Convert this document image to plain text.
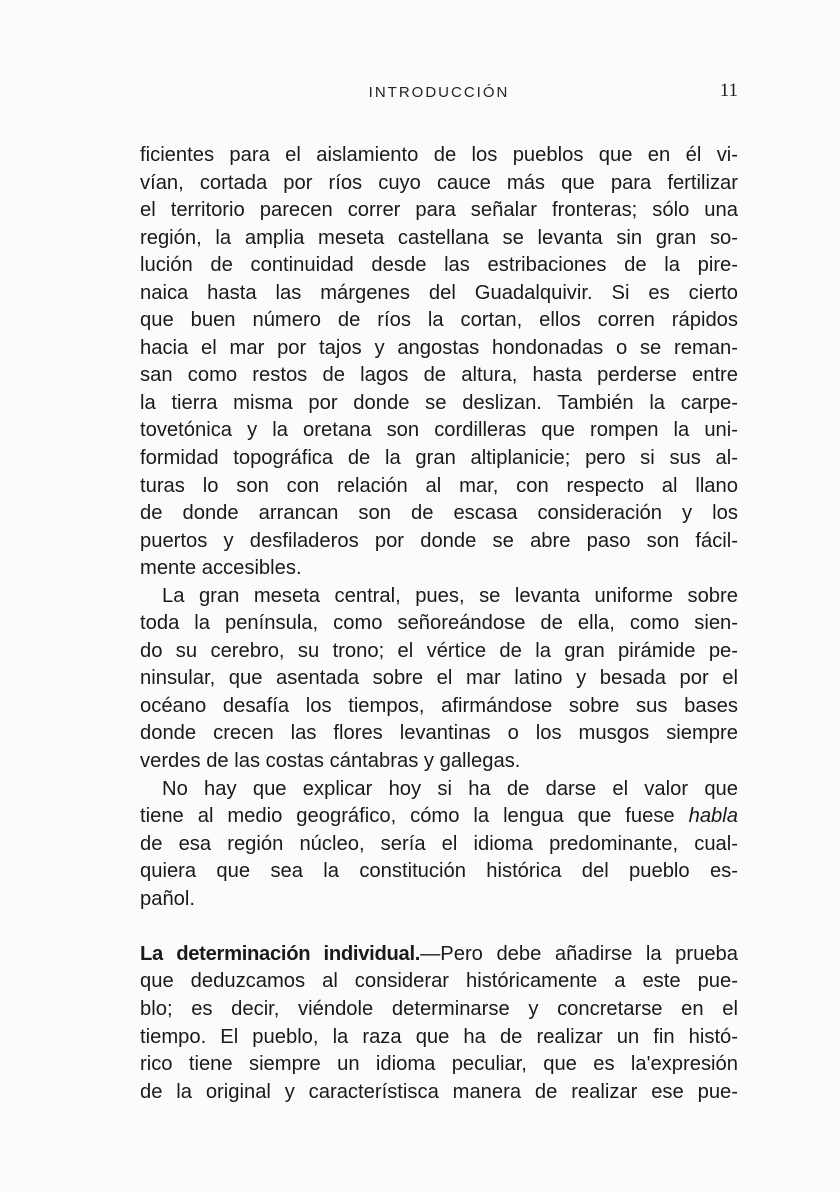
INTRODUCCIÓN	11
ficientes para el aislamiento de los pueblos que en él vi-
vían, cortada por ríos cuyo cauce más que para fertilizar
el territorio parecen correr para señalar fronteras; sólo una
región, la amplia meseta castellana se levanta sin gran so-
lución de continuidad desde las estribaciones de la pire-
naica hasta las márgenes del Guadalquivir. Si es cierto
que buen número de ríos la cortan, ellos corren rápidos
hacia el mar por tajos y angostas hondonadas o se reman-
san como restos de lagos de altura, hasta perderse entre
la tierra misma por donde se deslizan. También la carpe-
tovetónica y la oretana son cordilleras que rompen la uni-
formidad topográfica de la gran altiplanicie; pero si sus al-
turas lo son con relación al mar, con respecto al llano
de donde arrancan son de escasa consideración y los
puertos y desfiladeros por donde se abre paso son fácil-
mente accesibles.
La gran meseta central, pues, se levanta uniforme sobre
toda la península, como señoreándose de ella, como sien-
do su cerebro, su trono; el vértice de la gran pirámide pe-
ninsular, que asentada sobre el mar latino y besada por el
océano desafía los tiempos, afirmándose sobre sus bases
donde crecen las flores levantinas o los musgos siempre
verdes de las costas cántabras y gallegas.
No hay que explicar hoy si ha de darse el valor que
tiene al medio geográfico, cómo la lengua que fuese habla
de esa región núcleo, sería el idioma predominante, cual-
quiera que sea la constitución histórica del pueblo es-
pañol.
La determinación individual.—Pero debe añadirse la prueba
que deduzcamos al considerar históricamente a este pue-
blo; es decir, viéndole determinarse y concretarse en el
tiempo. El pueblo, la raza que ha de realizar un fin histó-
rico tiene siempre un idioma peculiar, que es la'expresión
de la original y característisca manera de realizar ese pue-
